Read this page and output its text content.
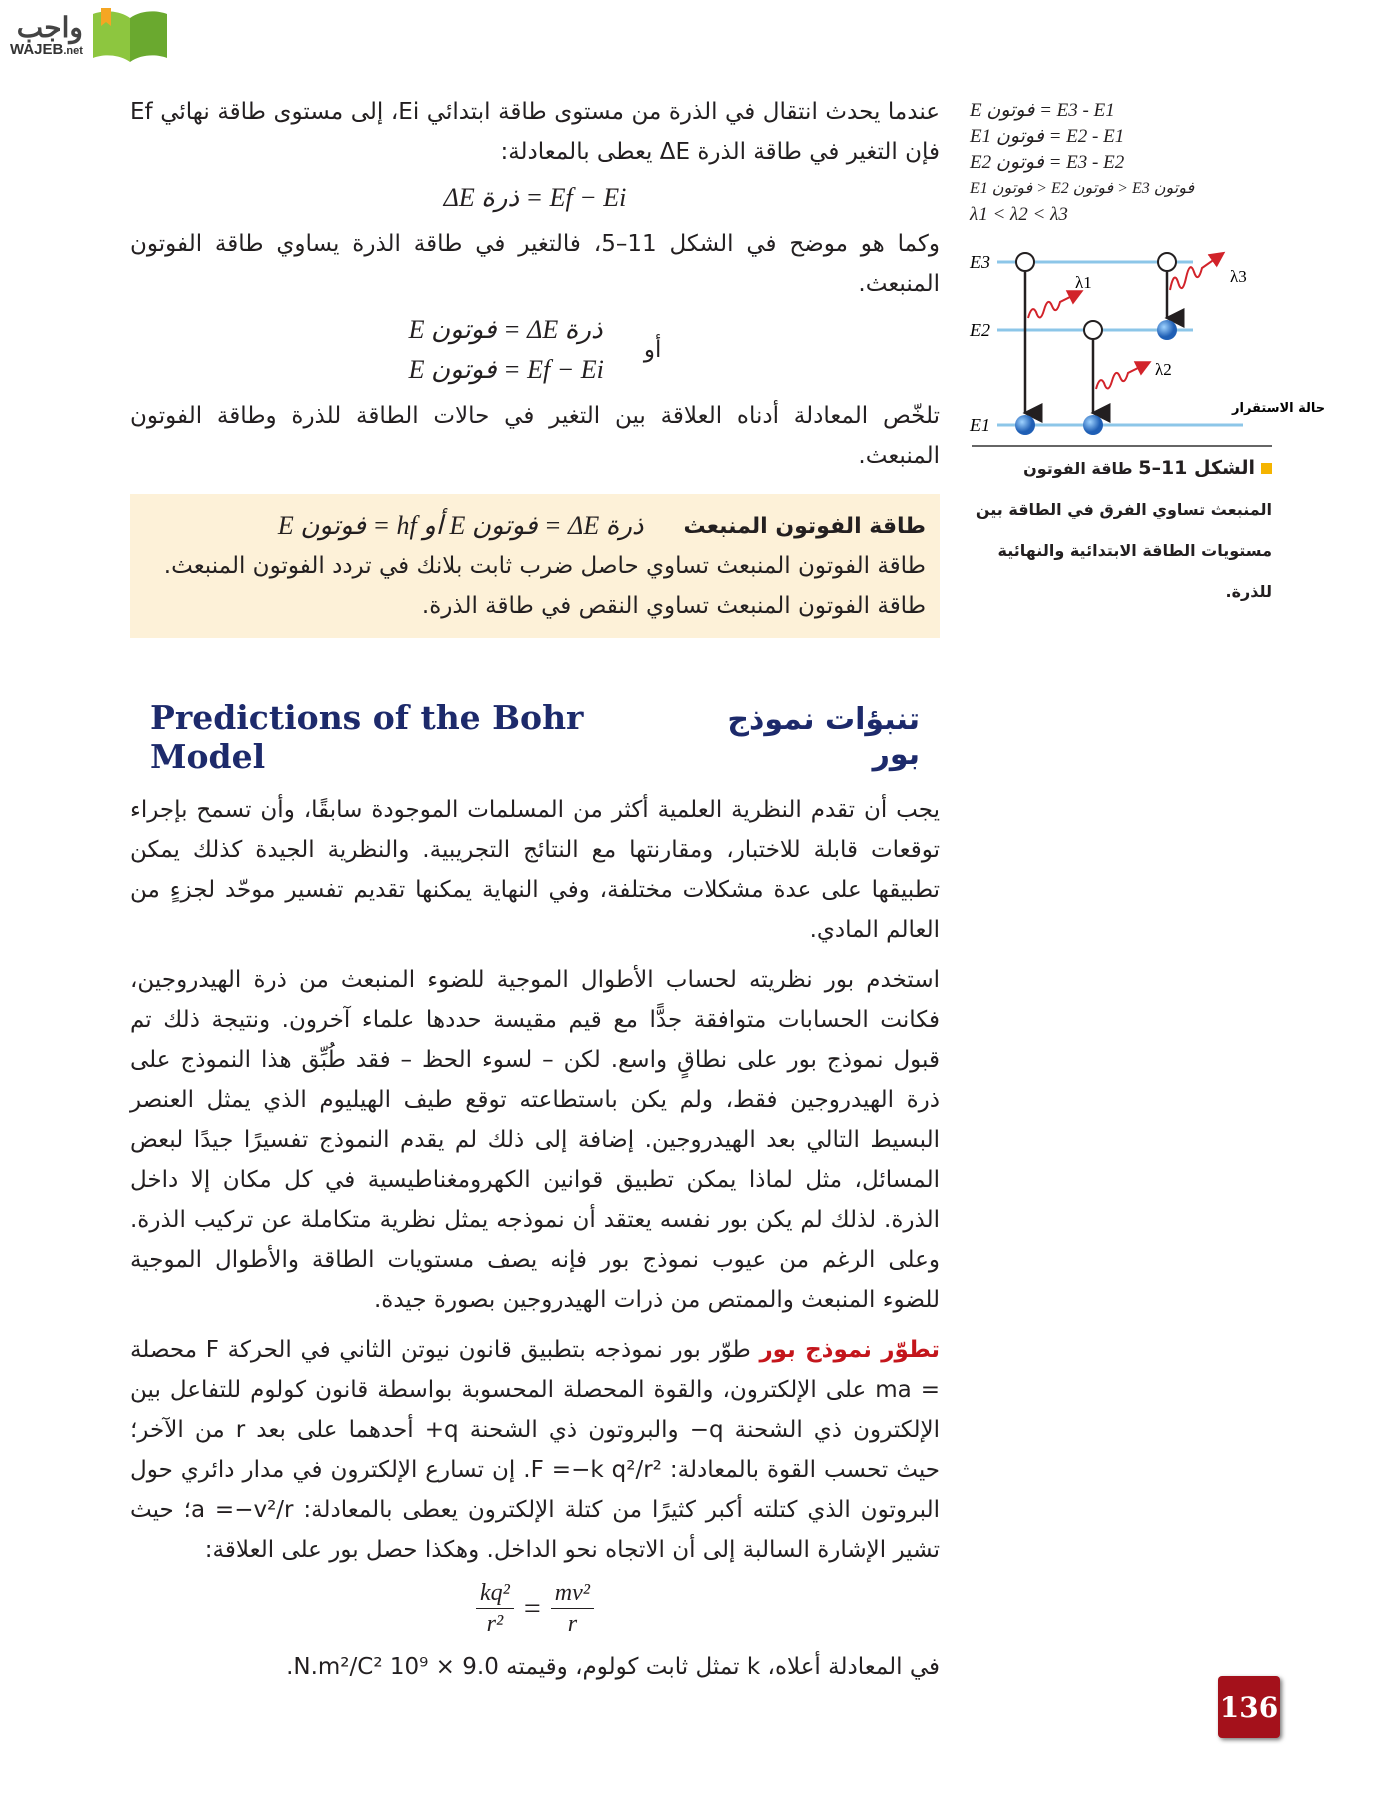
واجب
WAJEB.net
عندما يحدث انتقال في الذرة من مستوى طاقة ابتدائي Ei، إلى مستوى طاقة نهائي Ef فإن التغير في طاقة الذرة ΔE يعطى بالمعادلة:
ΔE ذرة = Ef − Ei
وكما هو موضح في الشكل 11–5، فالتغير في طاقة الذرة يساوي طاقة الفوتون المنبعث.
E فوتون = ΔE ذرة
E فوتون = Ef − Ei
أو
تلخّص المعادلة أدناه العلاقة بين التغير في حالات الطاقة للذرة وطاقة الفوتون المنبعث.
طاقة الفوتون المنبعث
E فوتون = hf أو E فوتون = ΔE ذرة
طاقة الفوتون المنبعث تساوي حاصل ضرب ثابت بلانك في تردد الفوتون المنبعث.
طاقة الفوتون المنبعث تساوي النقص في طاقة الذرة.
Predictions of the Bohr Model
تنبؤات نموذج بور
يجب أن تقدم النظرية العلمية أكثر من المسلمات الموجودة سابقًا، وأن تسمح بإجراء توقعات قابلة للاختبار، ومقارنتها مع النتائج التجريبية. والنظرية الجيدة كذلك يمكن تطبيقها على عدة مشكلات مختلفة، وفي النهاية يمكنها تقديم تفسير موحّد لجزءٍ من العالم المادي.
استخدم بور نظريته لحساب الأطوال الموجية للضوء المنبعث من ذرة الهيدروجين، فكانت الحسابات متوافقة جدًّا مع قيم مقيسة حددها علماء آخرون. ونتيجة ذلك تم قبول نموذج بور على نطاقٍ واسع. لكن – لسوء الحظ – فقد طُبِّق هذا النموذج على ذرة الهيدروجين فقط، ولم يكن باستطاعته توقع طيف الهيليوم الذي يمثل العنصر البسيط التالي بعد الهيدروجين. إضافة إلى ذلك لم يقدم النموذج تفسيرًا جيدًا لبعض المسائل، مثل لماذا يمكن تطبيق قوانين الكهرومغناطيسية في كل مكان إلا داخل الذرة. لذلك لم يكن بور نفسه يعتقد أن نموذجه يمثل نظرية متكاملة عن تركيب الذرة. وعلى الرغم من عيوب نموذج بور فإنه يصف مستويات الطاقة والأطوال الموجية للضوء المنبعث والممتص من ذرات الهيدروجين بصورة جيدة.
تطوّر نموذج بور طوّر بور نموذجه بتطبيق قانون نيوتن الثاني في الحركة F محصلة = ma على الإلكترون، والقوة المحصلة المحسوبة بواسطة قانون كولوم للتفاعل بين الإلكترون ذي الشحنة q− والبروتون ذي الشحنة q+ أحدهما على بعد r من الآخر؛ حيث تحسب القوة بالمعادلة: F =−k q²/r². إن تسارع الإلكترون في مدار دائري حول البروتون الذي كتلته أكبر كثيرًا من كتلة الإلكترون يعطى بالمعادلة: a =−v²/r؛ حيث تشير الإشارة السالبة إلى أن الاتجاه نحو الداخل. وهكذا حصل بور على العلاقة:
$\frac{\text{kq²}}{\text{r²}} = \frac{\text{mv²}}{r}$
في المعادلة أعلاه، k تمثل ثابت كولوم، وقيمته 9.0 × 10⁹ N.m²/C².
E فوتون = E3 - E1
E1 فوتون = E2 - E1
E2 فوتون = E3 - E2
E1 فوتون > E2 فوتون > E3 فوتون
λ1 < λ2 < λ3
E3
E2
E1
λ1
λ2
λ3
حالة الاستقرار
الشكل 11–5 طاقة الفوتون المنبعث تساوي الفرق في الطاقة بين مستويات الطاقة الابتدائية والنهائية للذرة.
136
